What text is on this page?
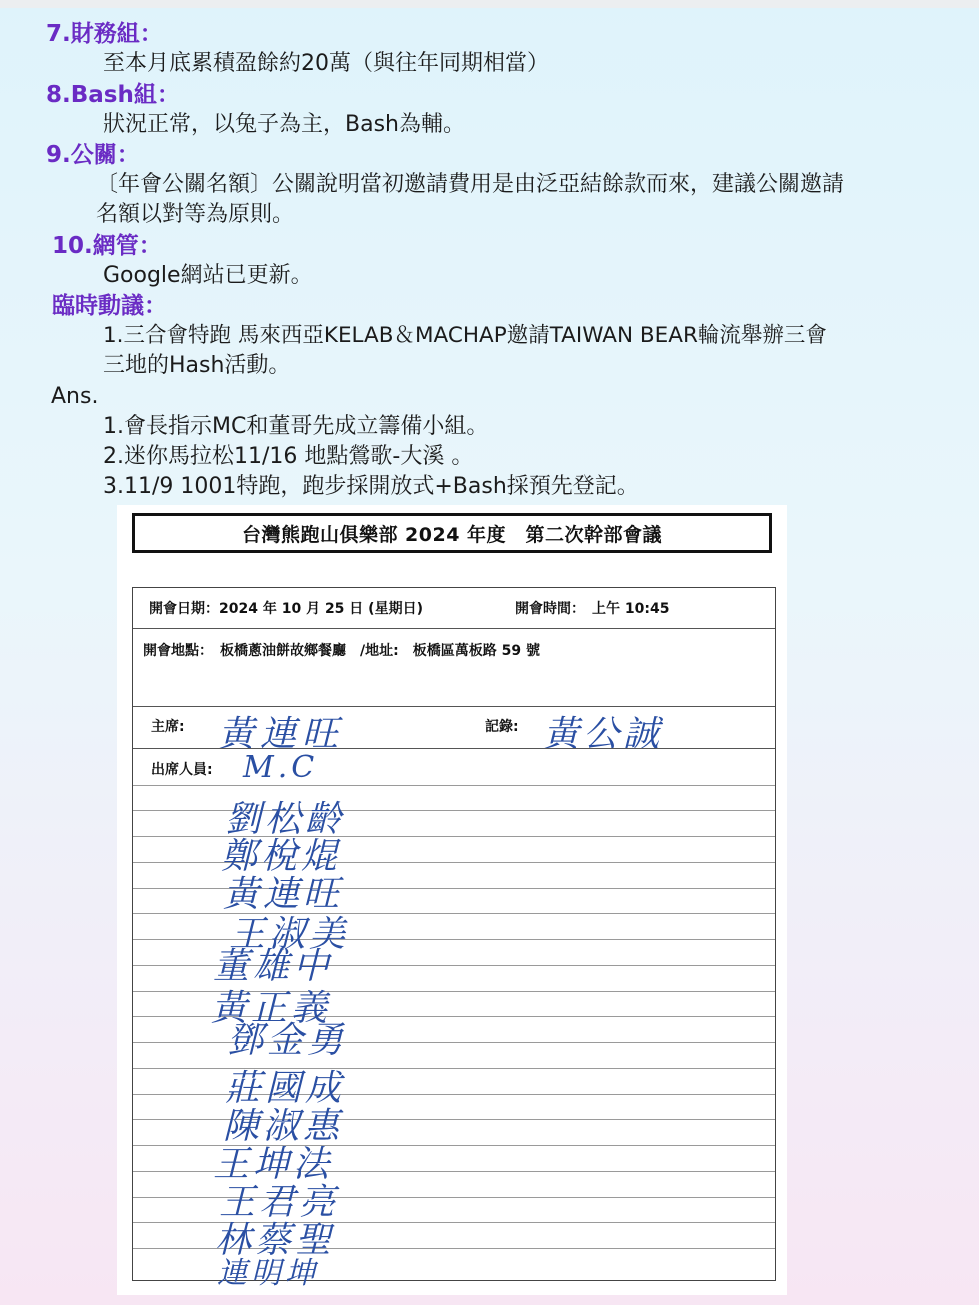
7.財務組：
至本月底累積盈餘約20萬（與往年同期相當）
8.Bash組：
狀況正常，以兔子為主，Bash為輔。
9.公關：
〔年會公關名額〕公關說明當初邀請費用是由泛亞結餘款而來，建議公關邀請
名額以對等為原則。
10.網管：
Google網站已更新。
臨時動議：
1.三合會特跑 馬來西亞KELAB＆MACHAP邀請TAIWAN BEAR輪流舉辦三會
三地的Hash活動。
Ans.
1.會長指示MC和董哥先成立籌備小組。
2.迷你馬拉松11/16 地點鶯歌-大溪 。
3.11/9 1001特跑，跑步採開放式+Bash採預先登記。
台灣熊跑山俱樂部 2024 年度　第二次幹部會議
開會日期：2024 年 10 月 25 日 (星期日)	開會時間：　上午 10:45
開會地點：　板橋蔥油餅故鄉餐廳　/地址:　板橋區萬板路 59 號
主席: 黃連旺	記錄: 黃公誠
出席人員: M.C
劉松齡
鄭梲焜
黃連旺
王淑美
董雄中
黃正義
鄧金勇
莊國成
陳淑惠
王坤法
王君亮
林蔡聖
連明坤
